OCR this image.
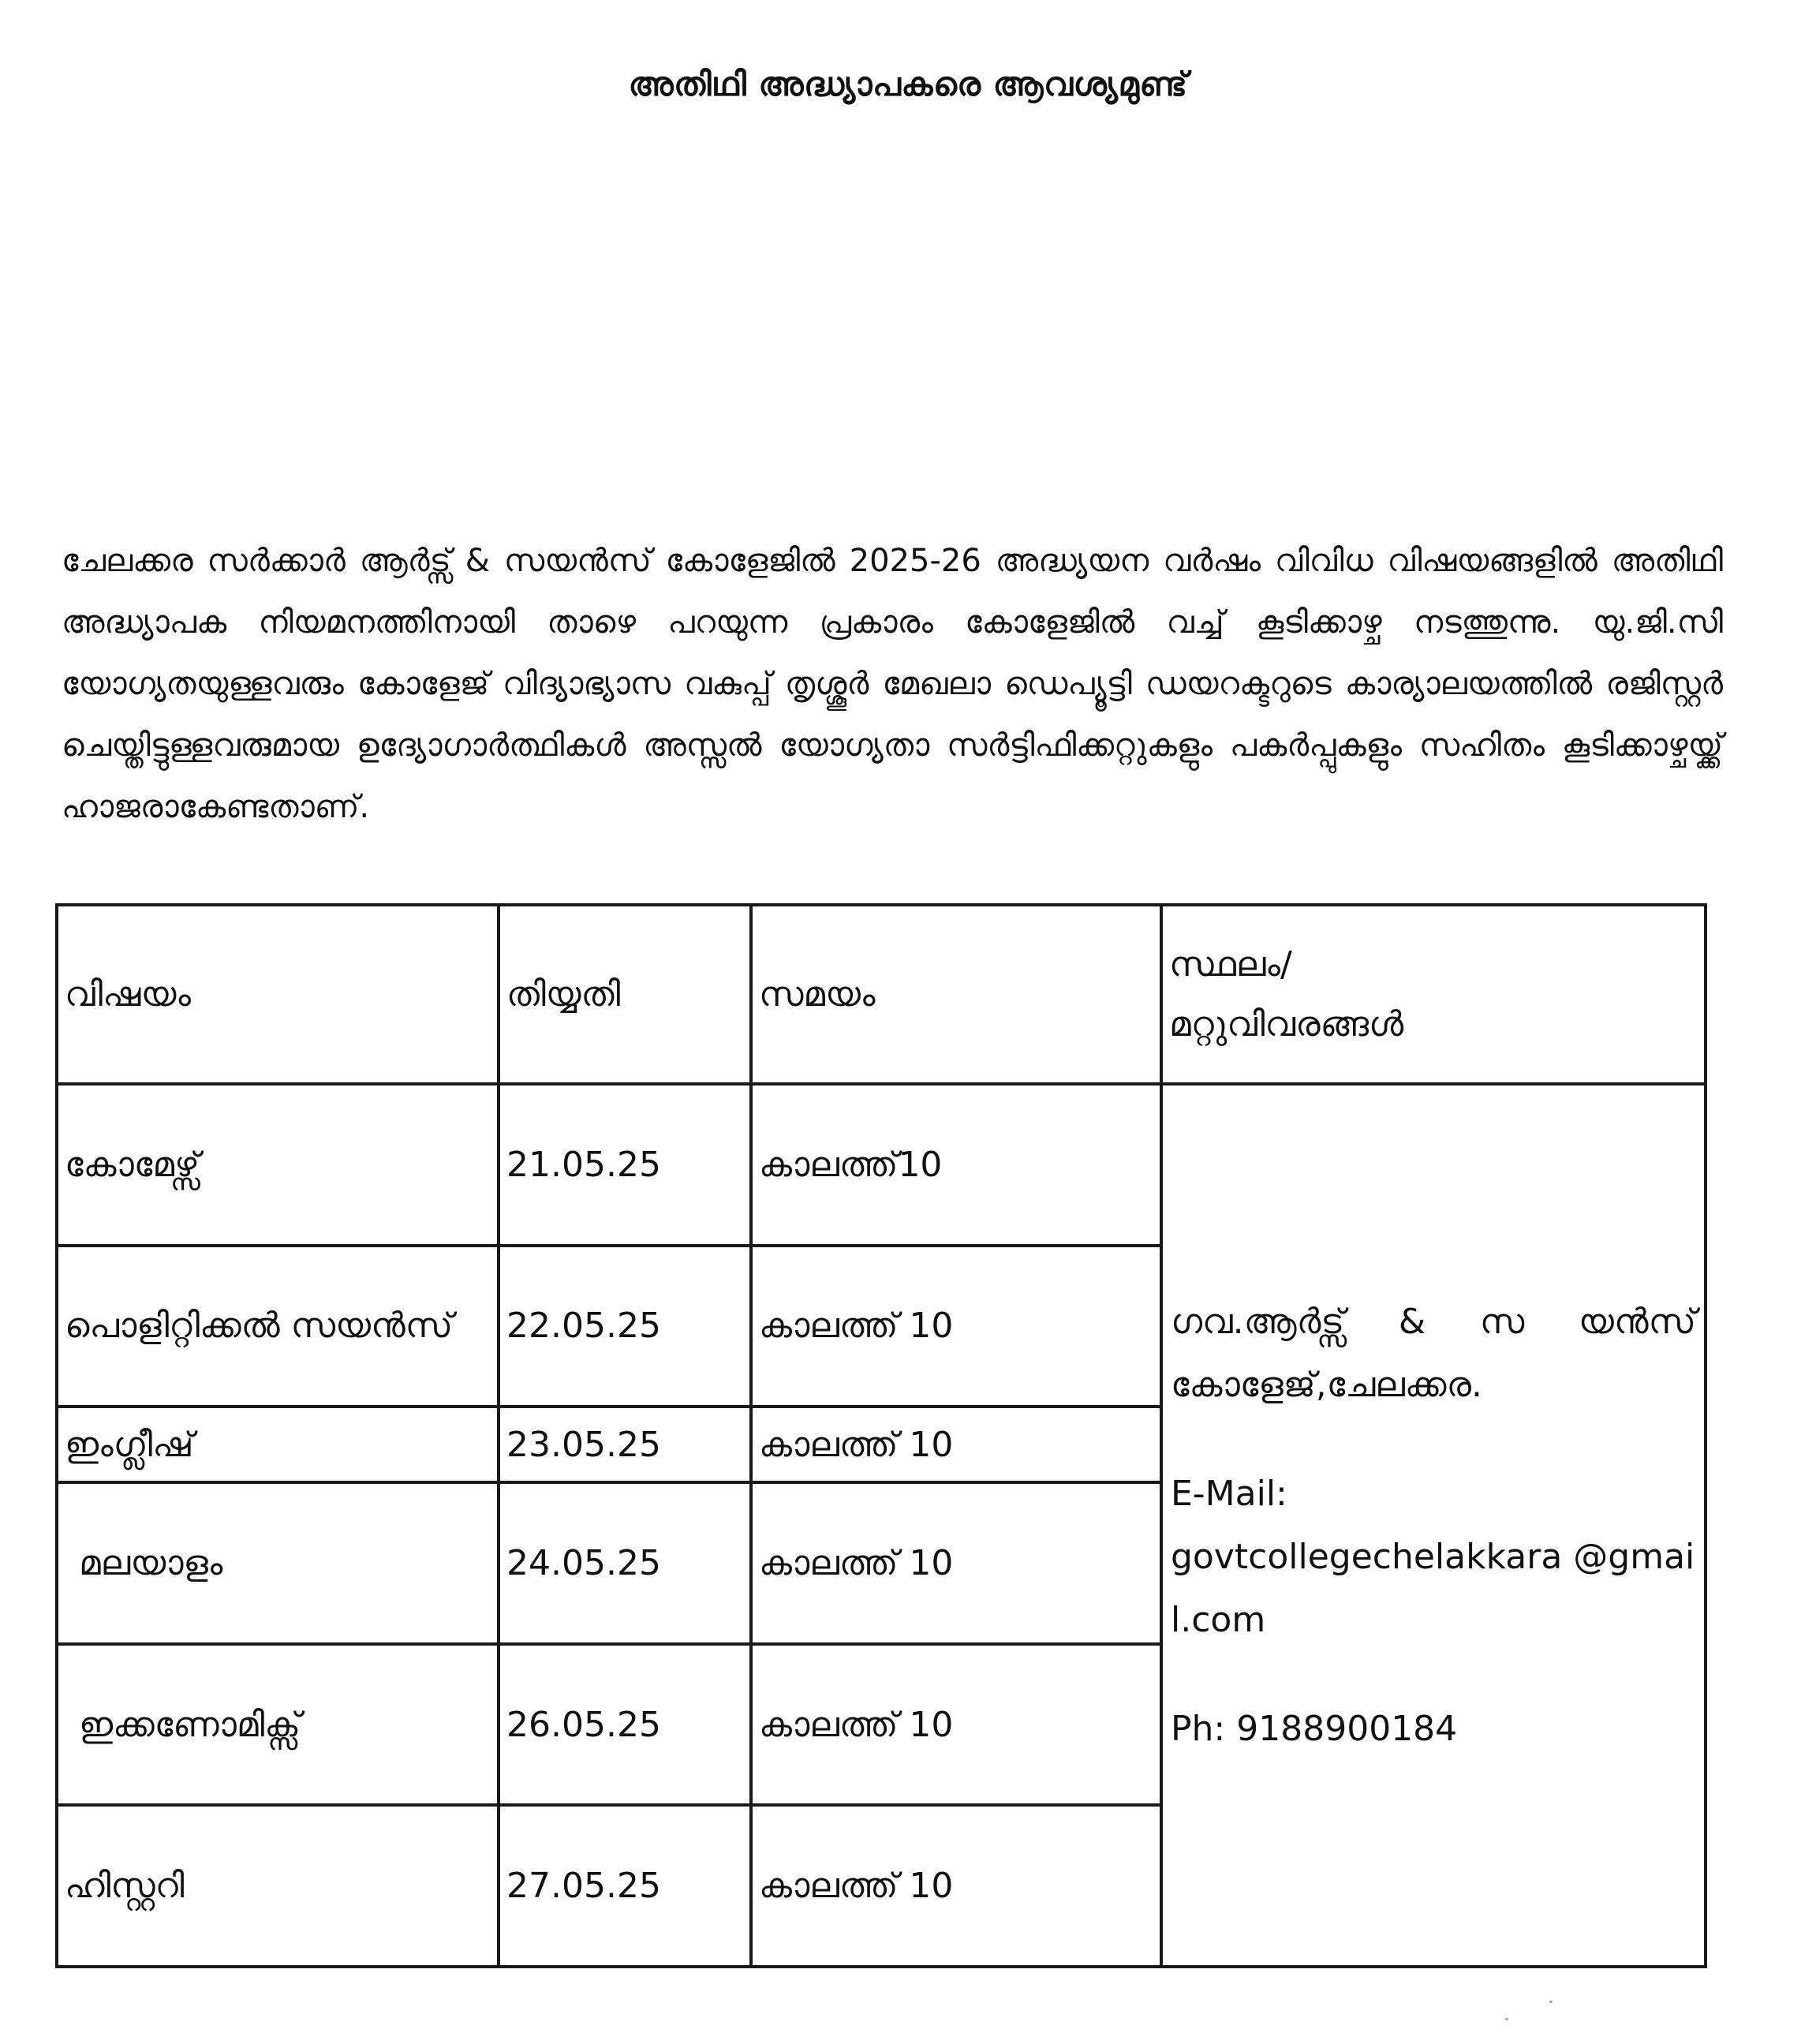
അതിഥി അദ്ധ്യാപകരെ ആവശ്യമുണ്ട്

ചേലക്കര സർക്കാർ ആർട്സ് & സയൻസ് കോളേജിൽ 2025-26 അദ്ധ്യയന വർഷം വിവിധ വിഷയങ്ങളിൽ അതിഥി അദ്ധ്യാപക നിയമനത്തിനായി താഴെ പറയുന്ന പ്രകാരം കോളേജിൽ വച്ച് കൂടിക്കാഴ്ച നടത്തുന്നു. യു.ജി.സി യോഗ്യതയുള്ളവരും കോളേജ് വിദ്യാഭ്യാസ വകുപ്പ് തൃശ്ശൂർ മേഖലാ ഡെപ്യൂട്ടി ഡയറക്ടറുടെ കാര്യാലയത്തിൽ രജിസ്റ്റർ ചെയ്തിട്ടുള്ളവരുമായ ഉദ്യോഗാർത്ഥികൾ അസ്സൽ യോഗ്യതാ സർട്ടിഫിക്കറ്റുകളും പകർപ്പുകളും സഹിതം കൂടിക്കാഴ്ചയ്ക്ക് ഹാജരാകേണ്ടതാണ്.

വിഷയം	തിയ്യതി	സമയം	സ്ഥലം/
മറ്റുവിവരങ്ങൾ

കോമേഴ്സ്	21.05.25	കാലത്ത്10	ഗവ.ആർട്സ് & സ യൻസ് കോളേജ്,ചേലക്കര.
E-Mail:
govtcollegechelakkara @gmail.com
Ph: 9188900184

പൊളിറ്റിക്കൽ സയൻസ്	22.05.25	കാലത്ത് 10	
ഇംഗ്ലീഷ്	23.05.25	കാലത്ത് 10	
മലയാളം	24.05.25	കാലത്ത് 10	
ഇക്കണോമിക്സ്	26.05.25	കാലത്ത് 10	
ഹിസ്റ്ററി	27.05.25	കാലത്ത് 10	
